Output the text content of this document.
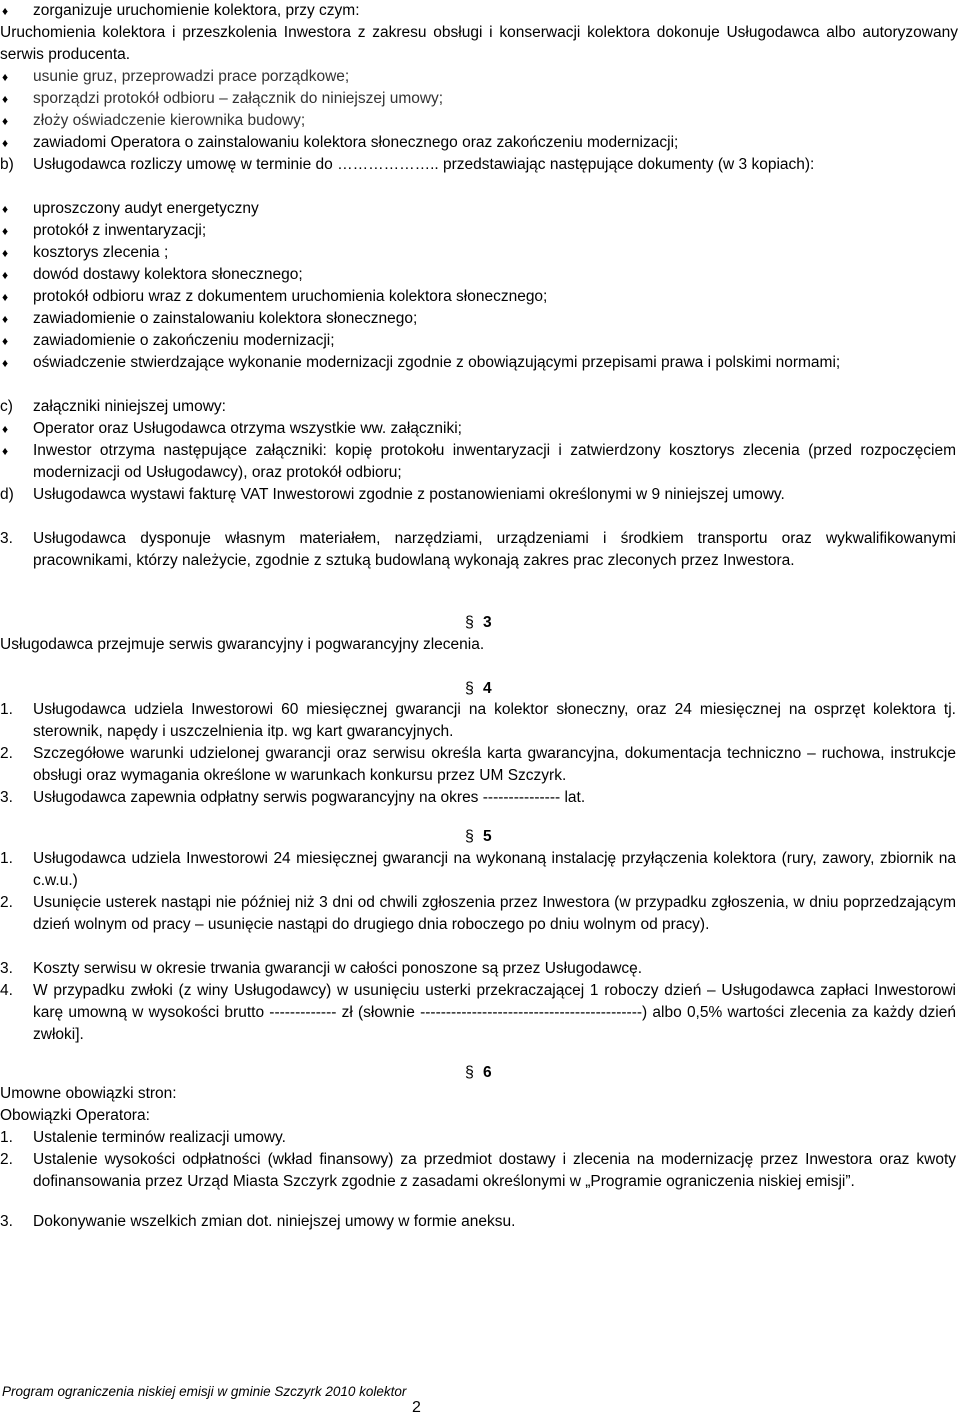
♦ zorganizuje uruchomienie kolektora, przy czym:
Uruchomienia kolektora i przeszkolenia Inwestora z zakresu obsługi i konserwacji kolektora dokonuje Usługodawca albo autoryzowany serwis producenta.
♦ usunie gruz, przeprowadzi prace porządkowe;
♦ sporządzi protokół odbioru – załącznik do niniejszej umowy;
♦ złoży oświadczenie kierownika budowy;
♦ zawiadomi Operatora o zainstalowaniu kolektora słonecznego oraz zakończeniu modernizacji;
b)	Usługodawca rozliczy umowę w terminie do ……………….. przedstawiając następujące dokumenty (w 3 kopiach):
♦ uproszczony audyt energetyczny
♦ protokół z inwentaryzacji;
♦ kosztorys zlecenia ;
♦ dowód dostawy kolektora słonecznego;
♦ protokół odbioru wraz z dokumentem uruchomienia kolektora słonecznego;
♦ zawiadomienie o zainstalowaniu kolektora słonecznego;
♦ zawiadomienie o zakończeniu modernizacji;
♦ oświadczenie stwierdzające wykonanie modernizacji zgodnie z obowiązującymi przepisami prawa i polskimi normami;
c)	załączniki niniejszej umowy:
♦ Operator oraz Usługodawca otrzyma wszystkie ww. załączniki;
♦ Inwestor otrzyma następujące załączniki: kopię protokołu inwentaryzacji i zatwierdzony kosztorys zlecenia (przed rozpoczęciem modernizacji od Usługodawcy), oraz protokół odbioru;
d)	Usługodawca wystawi fakturę VAT Inwestorowi zgodnie z postanowieniami określonymi w 9 niniejszej umowy.
3.	Usługodawca dysponuje własnym materiałem, narzędziami, urządzeniami i środkiem transportu oraz wykwalifikowanymi pracownikami, którzy należycie, zgodnie z sztuką budowlaną wykonają zakres prac zleconych przez Inwestora.
§ 3
Usługodawca przejmuje serwis gwarancyjny i pogwarancyjny zlecenia.
§ 4
1.	Usługodawca udziela Inwestorowi 60 miesięcznej gwarancji na kolektor słoneczny, oraz 24 miesięcznej na osprzęt kolektora tj. sterownik, napędy i uszczelnienia itp. wg kart gwarancyjnych.
2.	Szczegółowe warunki udzielonej gwarancji oraz serwisu określa karta gwarancyjna, dokumentacja techniczno – ruchowa, instrukcje obsługi oraz wymagania określone w warunkach konkursu przez UM Szczyrk.
3.	Usługodawca zapewnia odpłatny serwis pogwarancyjny na okres --------------- lat.
§ 5
1.	Usługodawca udziela Inwestorowi 24 miesięcznej gwarancji na wykonaną instalację przyłączenia kolektora (rury, zawory, zbiornik na c.w.u.)
2.	Usunięcie usterek nastąpi nie później niż 3 dni od chwili zgłoszenia przez Inwestora (w przypadku zgłoszenia, w dniu poprzedzającym dzień wolnym od pracy – usunięcie nastąpi do drugiego dnia roboczego po dniu wolnym od pracy).
3.	Koszty serwisu w okresie trwania gwarancji w całości ponoszone są przez Usługodawcę.
4.	W przypadku zwłoki (z winy Usługodawcy) w usunięciu usterki przekraczającej 1 roboczy dzień – Usługodawca zapłaci Inwestorowi karę umowną w wysokości brutto ------------- zł (słownie -------------------------------------------) albo 0,5% wartości zlecenia za każdy dzień zwłoki].
§ 6
Umowne obowiązki stron:
Obowiązki Operatora:
1.	Ustalenie terminów realizacji umowy.
2.	Ustalenie wysokości odpłatności (wkład finansowy) za przedmiot dostawy i zlecenia na modernizację przez Inwestora oraz kwoty dofinansowania przez Urząd Miasta Szczyrk zgodnie z zasadami określonymi w „Programie ograniczenia niskiej emisji”.
3.	Dokonywanie wszelkich zmian dot. niniejszej umowy w formie aneksu.
Program ograniczenia niskiej emisji w gminie Szczyrk 2010 kolektor
2
